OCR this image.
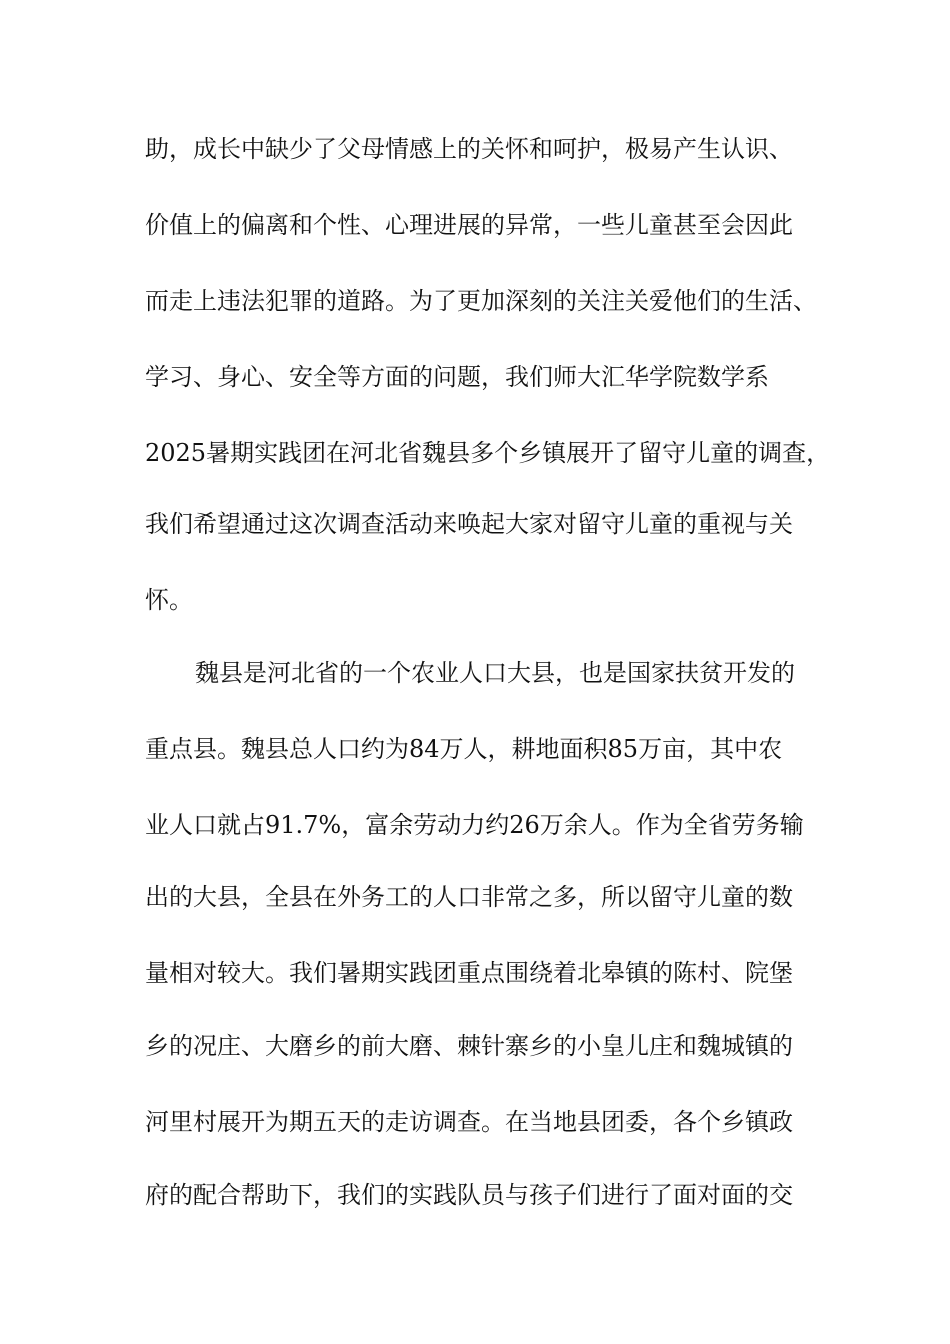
助，成长中缺少了父母情感上的关怀和呵护，极易产生认识、

价值上的偏离和个性、心理进展的异常，一些儿童甚至会因此

而走上违法犯罪的道路。为了更加深刻的关注关爱他们的生活、

学习、身心、安全等方面的问题，我们师大汇华学院数学系

2025暑期实践团在河北省魏县多个乡镇展开了留守儿童的调查，

我们希望通过这次调查活动来唤起大家对留守儿童的重视与关

怀。

魏县是河北省的一个农业人口大县，也是国家扶贫开发的

重点县。魏县总人口约为84万人，耕地面积85万亩，其中农

业人口就占91.7%，富余劳动力约26万余人。作为全省劳务输

出的大县，全县在外务工的人口非常之多，所以留守儿童的数

量相对较大。我们暑期实践团重点围绕着北皋镇的陈村、院堡

乡的况庄、大磨乡的前大磨、棘针寨乡的小皇儿庄和魏城镇的

河里村展开为期五天的走访调查。在当地县团委，各个乡镇政

府的配合帮助下，我们的实践队员与孩子们进行了面对面的交
